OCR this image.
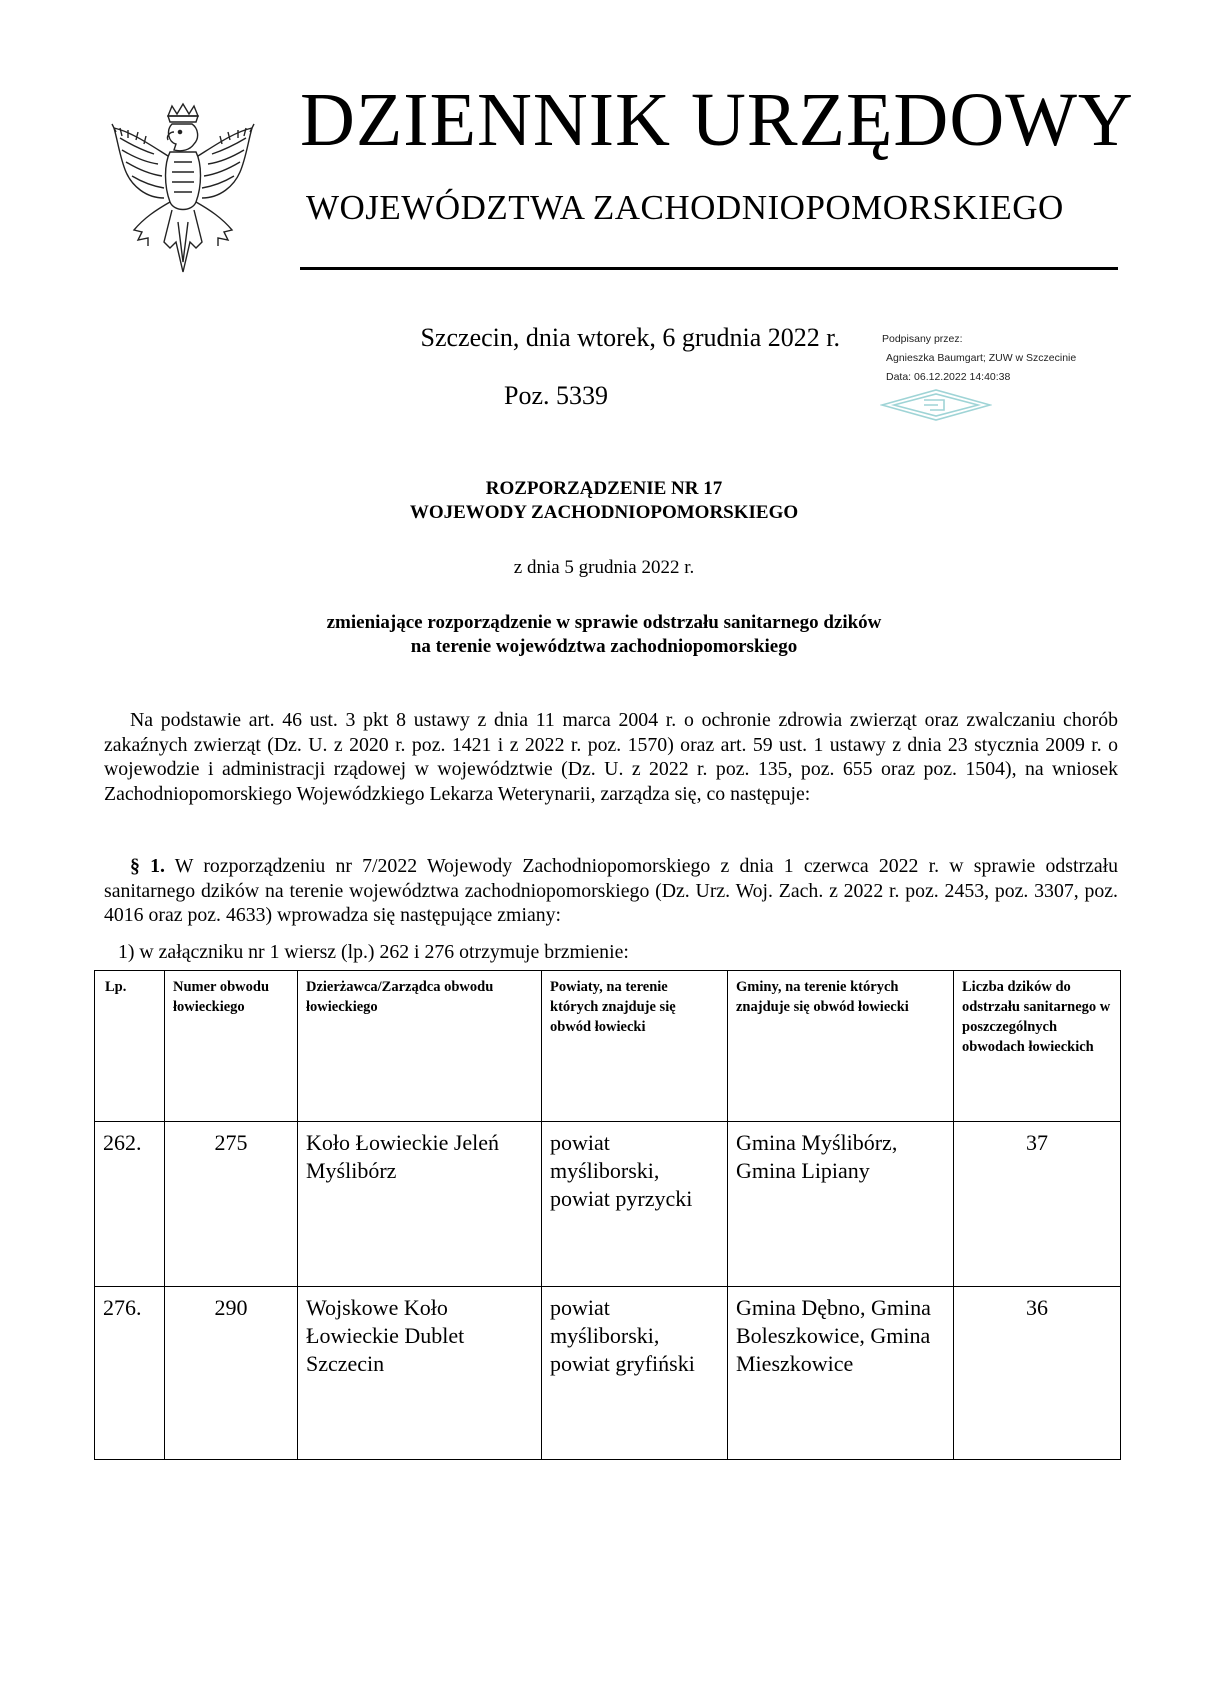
DZIENNIK URZĘDOWY
WOJEWÓDZTWA ZACHODNIOPOMORSKIEGO
Szczecin, dnia wtorek, 6 grudnia 2022 r.
Poz. 5339
Podpisany przez:
Agnieszka Baumgart; ZUW w Szczecinie
Data: 06.12.2022 14:40:38
ROZPORZĄDZENIE NR 17
WOJEWODY ZACHODNIOPOMORSKIEGO
z dnia 5 grudnia 2022 r.
zmieniające rozporządzenie w sprawie odstrzału sanitarnego dzików
na terenie województwa zachodniopomorskiego
Na podstawie art. 46 ust. 3 pkt 8 ustawy z dnia 11 marca 2004 r. o ochronie zdrowia zwierząt oraz zwalczaniu chorób zakaźnych zwierząt (Dz. U. z 2020 r. poz. 1421 i z 2022 r. poz. 1570) oraz art. 59 ust. 1 ustawy z dnia 23 stycznia 2009 r. o wojewodzie i administracji rządowej w województwie (Dz. U. z 2022 r. poz. 135, poz. 655 oraz poz. 1504), na wniosek Zachodniopomorskiego Wojewódzkiego Lekarza Weterynarii, zarządza się, co następuje:
§ 1. W rozporządzeniu nr 7/2022 Wojewody Zachodniopomorskiego z dnia 1 czerwca 2022 r. w sprawie odstrzału sanitarnego dzików na terenie województwa zachodniopomorskiego (Dz. Urz. Woj. Zach. z 2022 r. poz. 2453, poz. 3307, poz. 4016 oraz poz. 4633) wprowadza się następujące zmiany:
1) w załączniku nr 1 wiersz (lp.) 262 i 276 otrzymuje brzmienie:
Lp.	Numer obwodu łowieckiego	Dzierżawca/Zarządca obwodu łowieckiego	Powiaty, na terenie których znajduje się obwód łowiecki	Gminy, na terenie których znajduje się obwód łowiecki	Liczba dzików do odstrzału sanitarnego w poszczególnych obwodach łowieckich
262.	275	Koło Łowieckie Jeleń Myślibórz	powiat myśliborski, powiat pyrzycki	Gmina Myślibórz, Gmina Lipiany	37
276.	290	Wojskowe Koło Łowieckie Dublet Szczecin	powiat myśliborski, powiat gryfiński	Gmina Dębno, Gmina Boleszkowice, Gmina Mieszkowice	36
